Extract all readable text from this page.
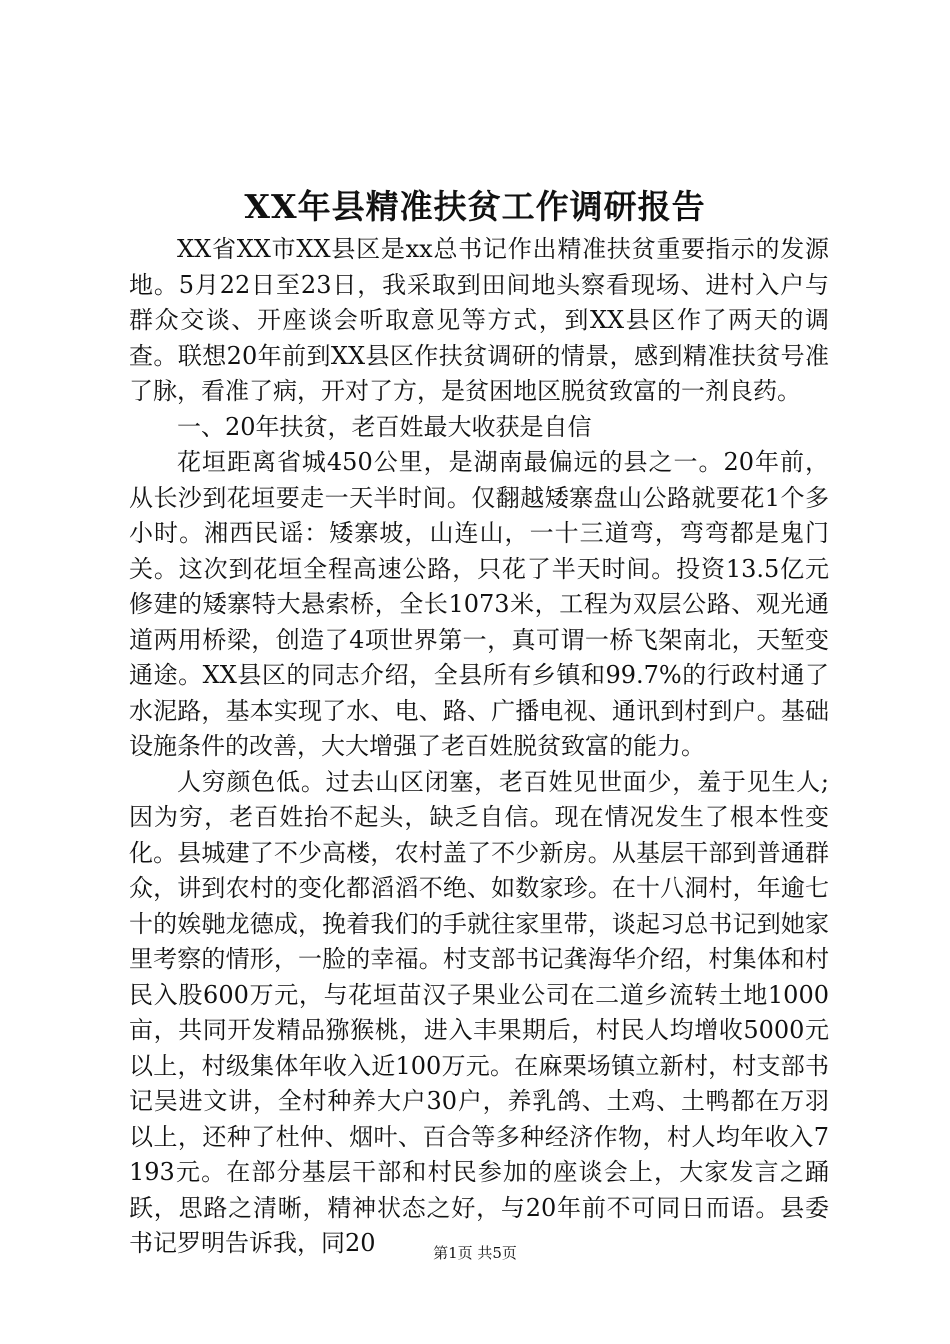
XX年县精准扶贫工作调研报告

XX省XX市XX县区是xx总书记作出精准扶贫重要指示的发源地。5月22日至23日，我采取到田间地头察看现场、进村入户与群众交谈、开座谈会听取意见等方式，到XX县区作了两天的调查。联想20年前到XX县区作扶贫调研的情景，感到精准扶贫号准了脉，看准了病，开对了方，是贫困地区脱贫致富的一剂良药。

一、20年扶贫，老百姓最大收获是自信

花垣距离省城450公里，是湖南最偏远的县之一。20年前，从长沙到花垣要走一天半时间。仅翻越矮寨盘山公路就要花1个多小时。湘西民谣：矮寨坡，山连山，一十三道弯，弯弯都是鬼门关。这次到花垣全程高速公路，只花了半天时间。投资13.5亿元修建的矮寨特大悬索桥，全长1073米，工程为双层公路、观光通道两用桥梁，创造了4项世界第一，真可谓一桥飞架南北，天堑变通途。XX县区的同志介绍，全县所有乡镇和99.7%的行政村通了水泥路，基本实现了水、电、路、广播电视、通讯到村到户。基础设施条件的改善，大大增强了老百姓脱贫致富的能力。

人穷颜色低。过去山区闭塞，老百姓见世面少，羞于见生人;因为穷，老百姓抬不起头，缺乏自信。现在情况发生了根本性变化。县城建了不少高楼，农村盖了不少新房。从基层干部到普通群众，讲到农村的变化都滔滔不绝、如数家珍。在十八洞村，年逾七十的娭毑龙德成，挽着我们的手就往家里带，谈起习总书记到她家里考察的情形，一脸的幸福。村支部书记龚海华介绍，村集体和村民入股600万元，与花垣苗汉子果业公司在二道乡流转土地1000亩，共同开发精品猕猴桃，进入丰果期后，村民人均增收5000元以上，村级集体年收入近100万元。在麻栗场镇立新村，村支部书记吴进文讲，全村种养大户30户，养乳鸽、土鸡、土鸭都在万羽以上，还种了杜仲、烟叶、百合等多种经济作物，村人均年收入7193元。在部分基层干部和村民参加的座谈会上，大家发言之踊跃，思路之清晰，精神状态之好，与20年前不可同日而语。县委书记罗明告诉我，同20	第1页 共5页
